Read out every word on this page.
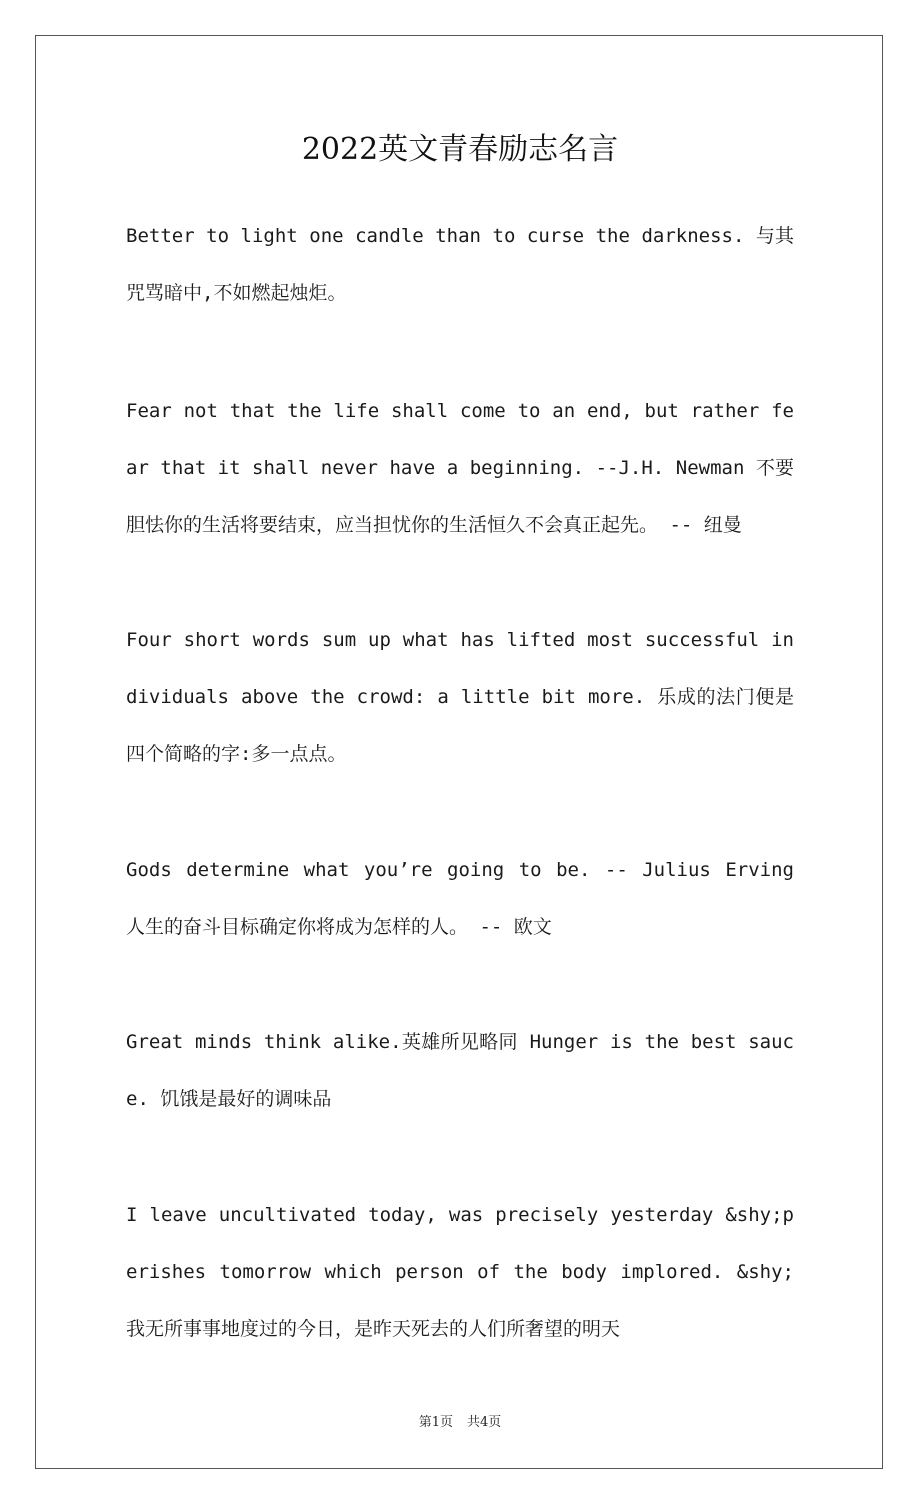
2022英文青春励志名言

Better to light one candle than to curse the darkness. 与其咒骂暗中,不如燃起烛炬。

Fear not that the life shall come to an end, but rather fear that it shall never have a beginning. --J.H. Newman 不要胆怯你的生活将要结束，应当担忧你的生活恒久不会真正起先。 -- 纽曼

Four short words sum up what has lifted most successful individuals above the crowd: a little bit more. 乐成的法门便是四个简略的字:多一点点。

Gods determine what you’re going to be. -- Julius Erving 人生的奋斗目标确定你将成为怎样的人。 -- 欧文

Great minds think alike.英雄所见略同 Hunger is the best sauce. 饥饿是最好的调味品

I leave uncultivated today, was precisely yesterday &shy;perishes tomorrow which person of the body implored. &shy;我无所事事地度过的今日，是昨天死去的人们所奢望的明天

第1页 共4页
